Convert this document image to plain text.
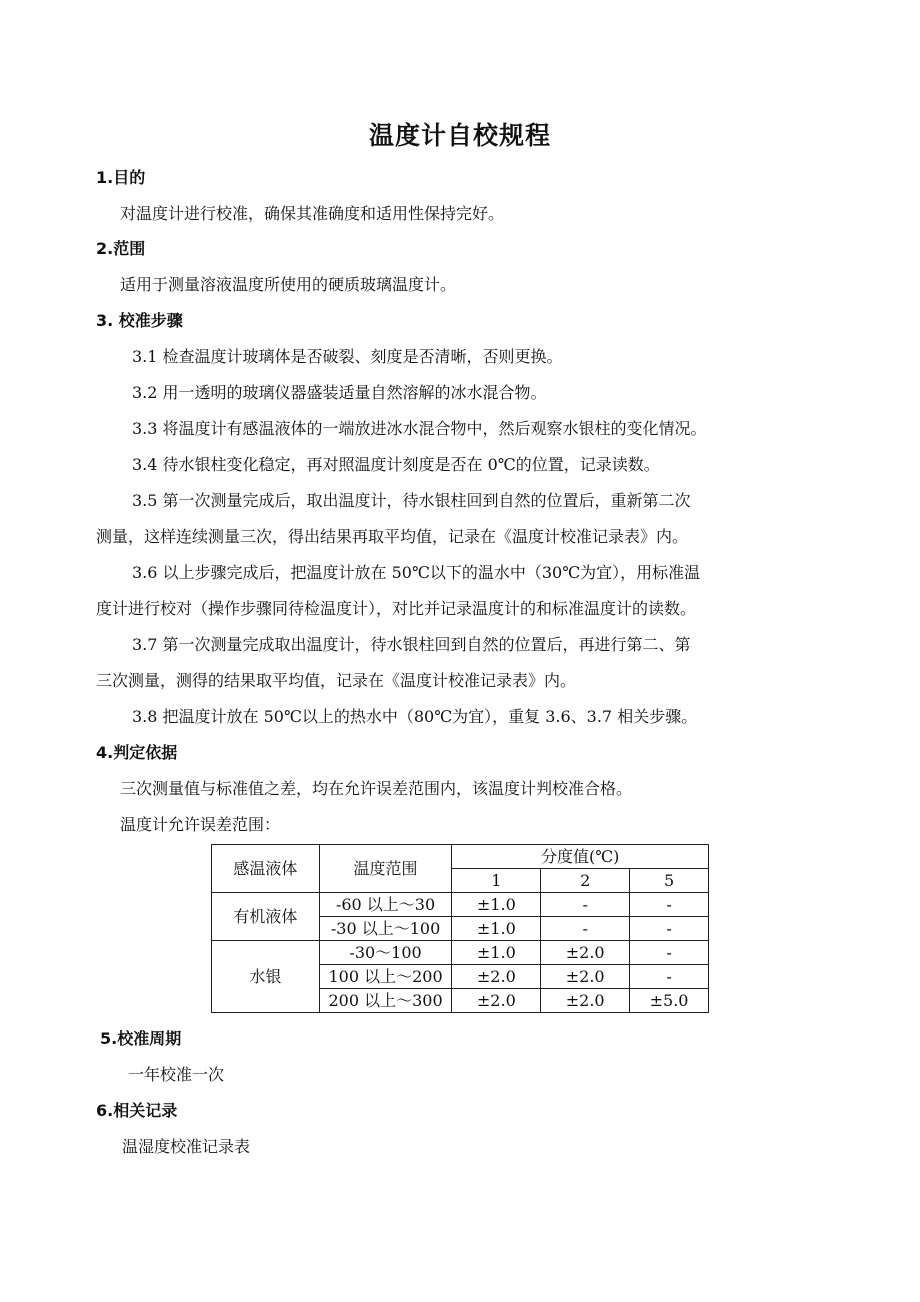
温度计自校规程
1.目的
对温度计进行校准，确保其准确度和适用性保持完好。
2.范围
适用于测量溶液温度所使用的硬质玻璃温度计。
3. 校准步骤
3.1 检查温度计玻璃体是否破裂、刻度是否清晰，否则更换。
3.2 用一透明的玻璃仪器盛装适量自然溶解的冰水混合物。
3.3 将温度计有感温液体的一端放进冰水混合物中，然后观察水银柱的变化情况。
3.4 待水银柱变化稳定，再对照温度计刻度是否在 0℃的位置，记录读数。
3.5 第一次测量完成后，取出温度计，待水银柱回到自然的位置后，重新第二次
测量，这样连续测量三次，得出结果再取平均值，记录在《温度计校准记录表》内。
3.6 以上步骤完成后，把温度计放在 50℃以下的温水中（30℃为宜），用标准温
度计进行校对（操作步骤同待检温度计），对比并记录温度计的和标准温度计的读数。
3.7 第一次测量完成取出温度计，待水银柱回到自然的位置后，再进行第二、第
三次测量，测得的结果取平均值，记录在《温度计校准记录表》内。
3.8 把温度计放在 50℃以上的热水中（80℃为宜），重复 3.6、3.7 相关步骤。
4.判定依据
三次测量值与标准值之差，均在允许误差范围内，该温度计判校准合格。
温度计允许误差范围：
感温液体	温度范围	分度值(℃)		
		1	2	5
有机液体	-60 以上～30	±1.0	-	-
	-30 以上～100	±1.0	-	-
水银	-30～100	±1.0	±2.0	-
	100 以上～200	±2.0	±2.0	-
	200 以上～300	±2.0	±2.0	±5.0
5.校准周期
一年校准一次
6.相关记录
温湿度校准记录表
